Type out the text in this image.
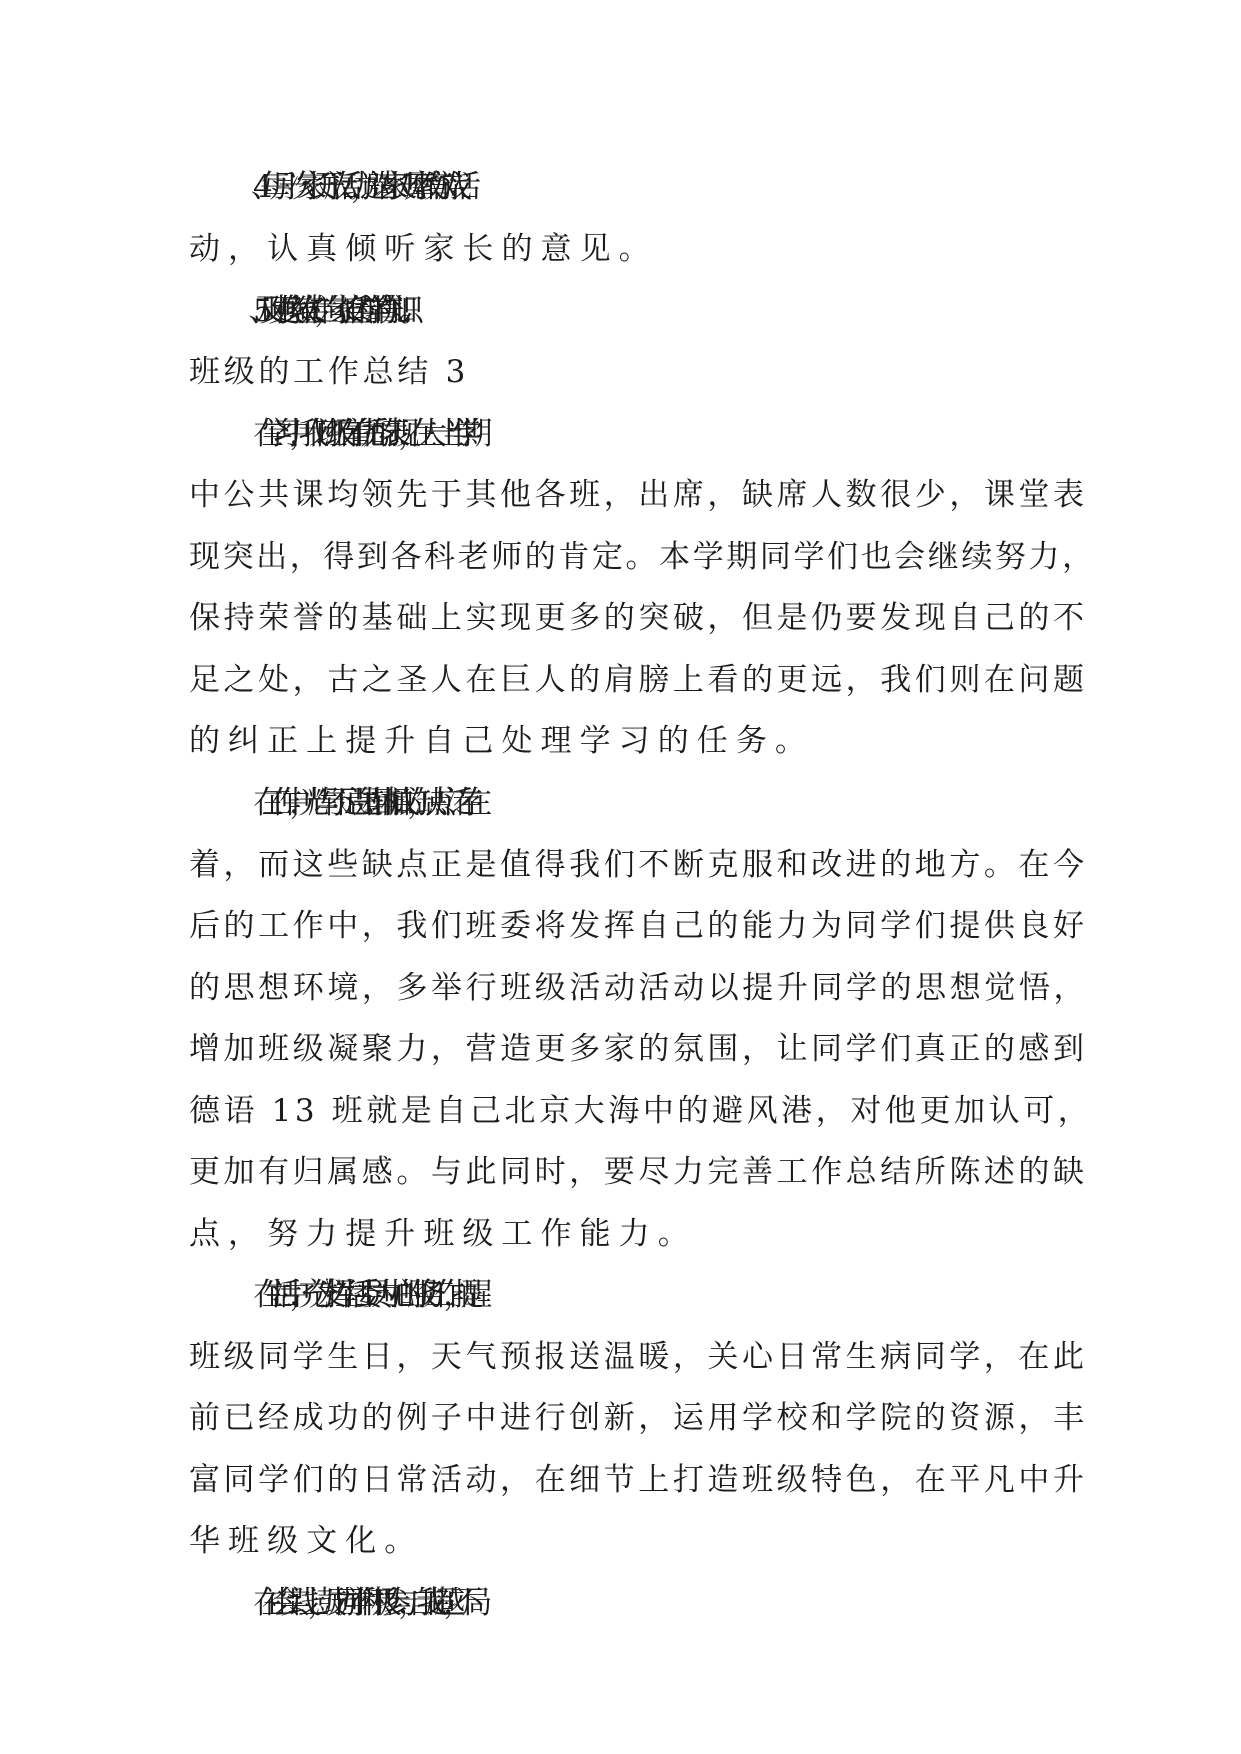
4、每月一次家长开放活动，邀请家长观摩教育游戏活
动，认真倾听家长的意见。
5、及时更换家教宣传栏，向家长宣传科学的育儿知识。
班级的工作总结 3
在学习中，我们班级有着优秀的表现，在大一上半学期
中公共课均领先于其他各班，出席，缺席人数很少，课堂表
现突出，得到各科老师的肯定。本学期同学们也会继续努力，
保持荣誉的基础上实现更多的突破，但是仍要发现自己的不
足之处，古之圣人在巨人的肩膀上看的更远，我们则在问题
的纠正上提升自己处理学习的任务。
在工作中，光辉与不足总是相辅相成的，缺点广泛存在
着，而这些缺点正是值得我们不断克服和改进的地方。在今
后的工作中，我们班委将发挥自己的能力为同学们提供良好
的思想环境，多举行班级活动活动以提升同学的思想觉悟，
增加班级凝聚力，营造更多家的氛围，让同学们真正的感到
德语 13 班就是自己北京大海中的避风港，对他更加认可，
更加有归属感。与此同时，要尽力完善工作总结所陈述的缺
点，努力提升班级工作能力。
在生活中，充分发挥生活委员为中心的服务工作，提醒
班级同学生日，天气预报送温暖，关心日常生病同学，在此
前已经成功的例子中进行创新，运用学校和学院的资源，丰
富同学们的日常活动，在细节上打造班级特色，在平凡中升
华班级文化。
在社会实践上，鼓励同学们积极参与，自我超越，不局
